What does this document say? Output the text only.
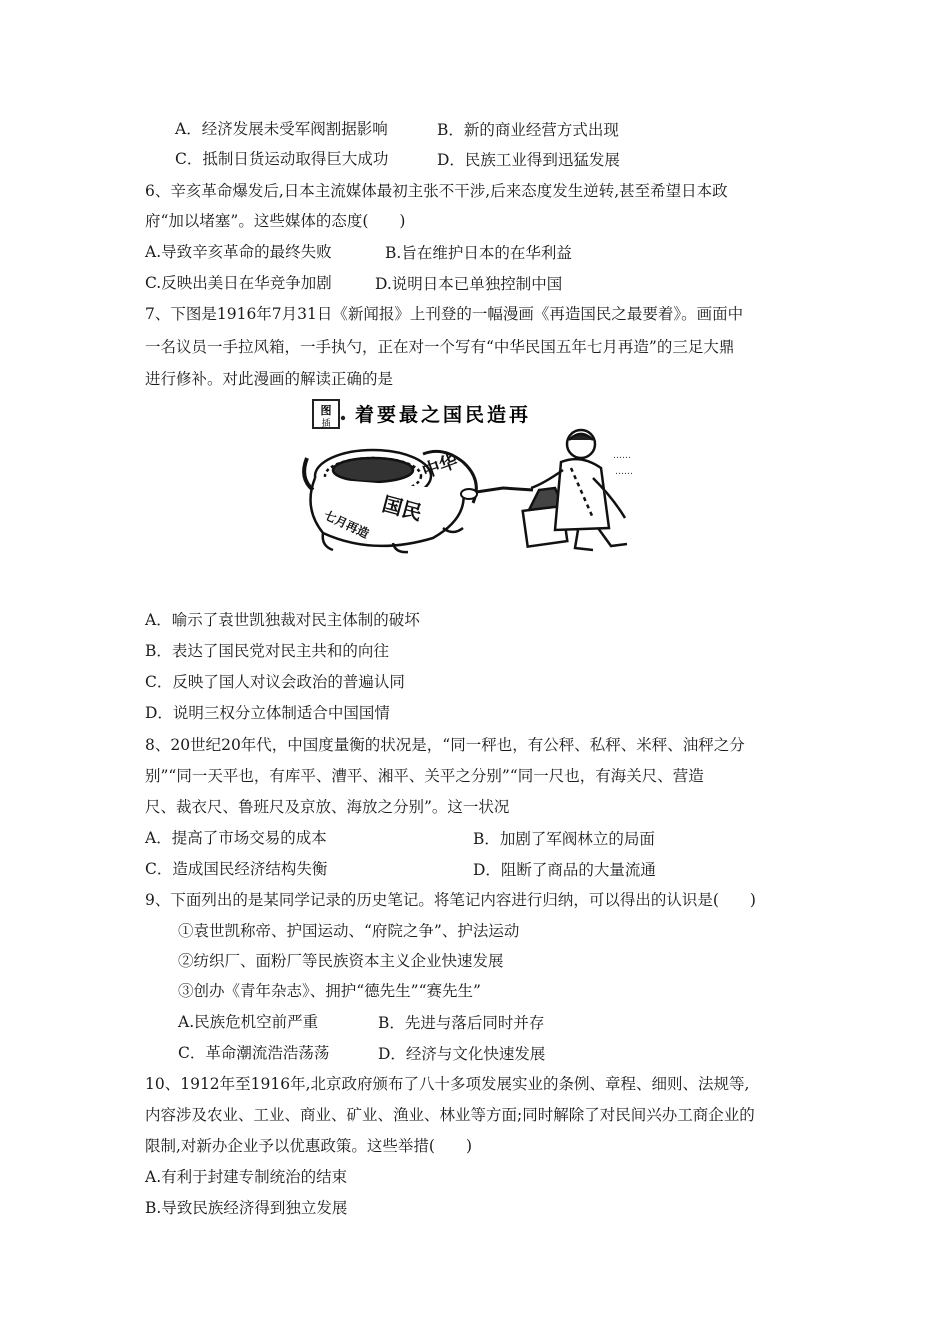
A．经济发展未受军阀割据影响	B．新的商业经营方式出现
C．抵制日货运动取得巨大成功	D．民族工业得到迅猛发展
6、辛亥革命爆发后,日本主流媒体最初主张不干涉,后来态度发生逆转,甚至希望日本政
府“加以堵塞”。这些媒体的态度(　　)
A.导致辛亥革命的最终失败	B.旨在维护日本的在华利益
C.反映出美日在华竞争加剧	D.说明日本已单独控制中国
7、下图是1916年7月31日《新闻报》上刊登的一幅漫画《再造国民之最要着》。画面中
一名议员一手拉风箱，一手执勺，正在对一个写有“中华民国五年七月再造”的三足大鼎
进行修补。对此漫画的解读正确的是
图
插 着要最之国民造再
中华
国民
七月再造
……
……
A．喻示了袁世凯独裁对民主体制的破坏
B．表达了国民党对民主共和的向往
C．反映了国人对议会政治的普遍认同
D．说明三权分立体制适合中国国情
8、20世纪20年代，中国度量衡的状况是，“同一秤也，有公秤、私秤、米秤、油秤之分
别”“同一天平也，有库平、漕平、湘平、关平之分别”“同一尺也，有海关尺、营造
尺、裁衣尺、鲁班尺及京放、海放之分别”。这一状况
A．提高了市场交易的成本	B．加剧了军阀林立的局面
C．造成国民经济结构失衡	D．阻断了商品的大量流通
9、下面列出的是某同学记录的历史笔记。将笔记内容进行归纳，可以得出的认识是(　　)
①袁世凯称帝、护国运动、“府院之争”、护法运动
②纺织厂、面粉厂等民族资本主义企业快速发展
③创办《青年杂志》、拥护“德先生”“赛先生”
A.民族危机空前严重	B．先进与落后同时并存
C．革命潮流浩浩荡荡	D．经济与文化快速发展
10、1912年至1916年,北京政府颁布了八十多项发展实业的条例、章程、细则、法规等,
内容涉及农业、工业、商业、矿业、渔业、林业等方面;同时解除了对民间兴办工商企业的
限制,对新办企业予以优惠政策。这些举措(　　)
A.有利于封建专制统治的结束
B.导致民族经济得到独立发展
